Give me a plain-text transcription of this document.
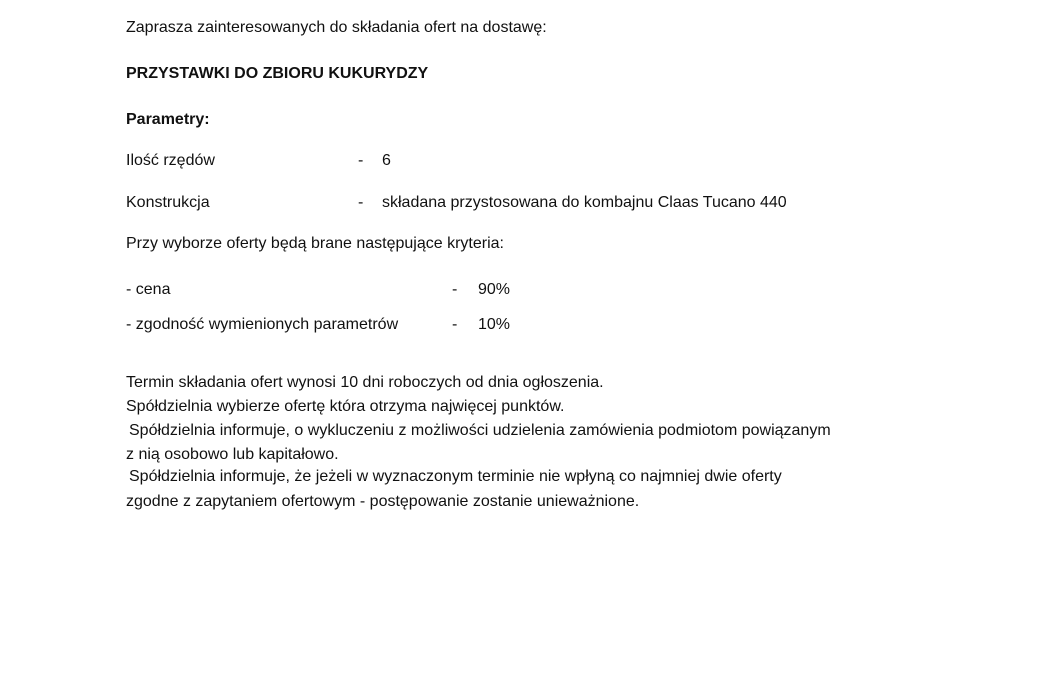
Zaprasza zainteresowanych do składania ofert na dostawę:
PRZYSTAWKI DO ZBIORU KUKURYDZY
Parametry:
Ilość rzędów	- 6
Konstrukcja	- składana przystosowana do kombajnu Claas Tucano 440
Przy wyborze oferty będą brane następujące kryteria:
- cena	- 90%
- zgodność wymienionych parametrów	- 10%
Termin składania ofert wynosi 10 dni roboczych od dnia ogłoszenia.
Spółdzielnia wybierze ofertę która otrzyma najwięcej punktów.
Spółdzielnia informuje, o wykluczeniu z możliwości udzielenia zamówienia podmiotom powiązanym
z nią osobowo lub kapitałowo.
Spółdzielnia informuje, że jeżeli w wyznaczonym terminie nie wpłyną co najmniej dwie oferty
zgodne z zapytaniem ofertowym - postępowanie zostanie unieważnione.
